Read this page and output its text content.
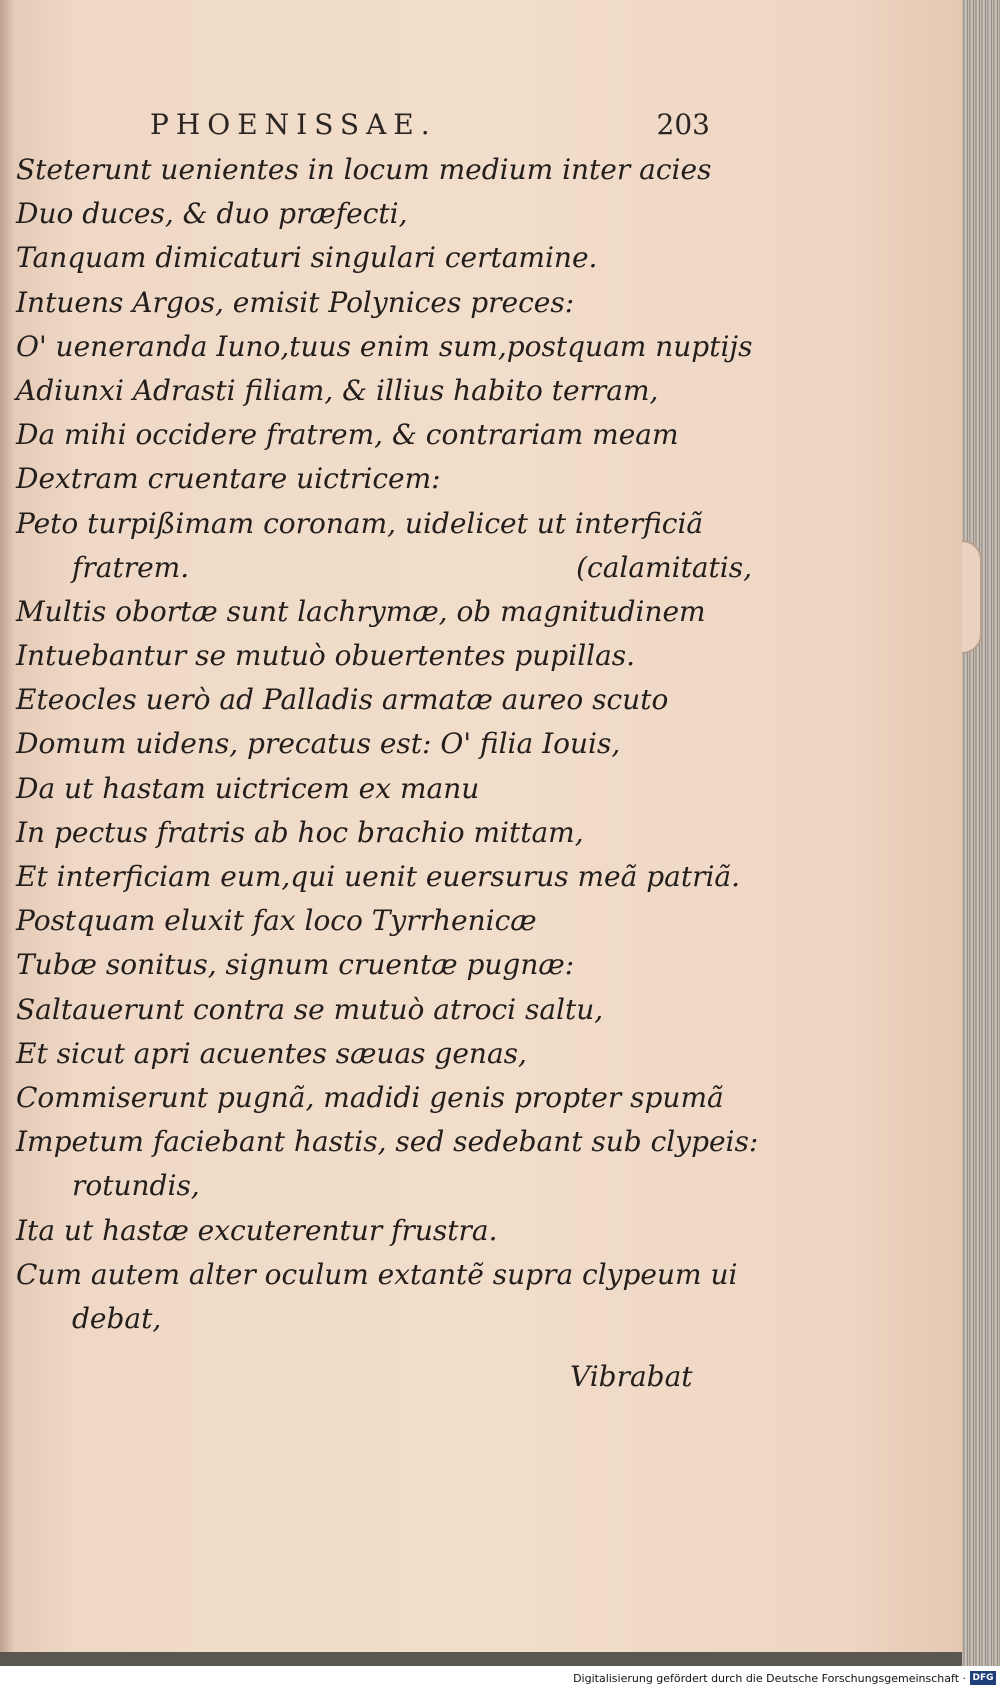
PHOENISSAE.	203
Steterunt uenientes in locum medium inter acies
Duo duces, & duo præfecti,
Tanquam dimicaturi singulari certamine.
Intuens Argos, emisit Polynices preces:
O' ueneranda Iuno,tuus enim sum,postquam nuptijs
Adiunxi Adrasti filiam, & illius habito terram,
Da mihi occidere fratrem, & contrariam meam
Dextram cruentare uictricem:
Peto turpißimam coronam, uidelicet ut interficiã
fratrem.	(calamitatis,
Multis obortæ sunt lachrymæ, ob magnitudinem
Intuebantur se mutuò obuertentes pupillas.
Eteocles uerò ad Palladis armatæ aureo scuto
Domum uidens, precatus est: O' filia Iouis,
Da ut hastam uictricem ex manu
In pectus fratris ab hoc brachio mittam,
Et interficiam eum,qui uenit euersurus meã patriã.
Postquam eluxit fax loco Tyrrhenicæ
Tubæ sonitus, signum cruentæ pugnæ:
Saltauerunt contra se mutuò atroci saltu,
Et sicut apri acuentes sæuas genas,
Commiserunt pugnã, madidi genis propter spumã
Impetum faciebant hastis, sed sedebant sub clypeis:
rotundis,
Ita ut hastæ excuterentur frustra.
Cum autem alter oculum extantẽ supra clypeum ui
debat,
Vibrabat
Digitalisierung gefördert durch die Deutsche Forschungsgemeinschaft · DFG
